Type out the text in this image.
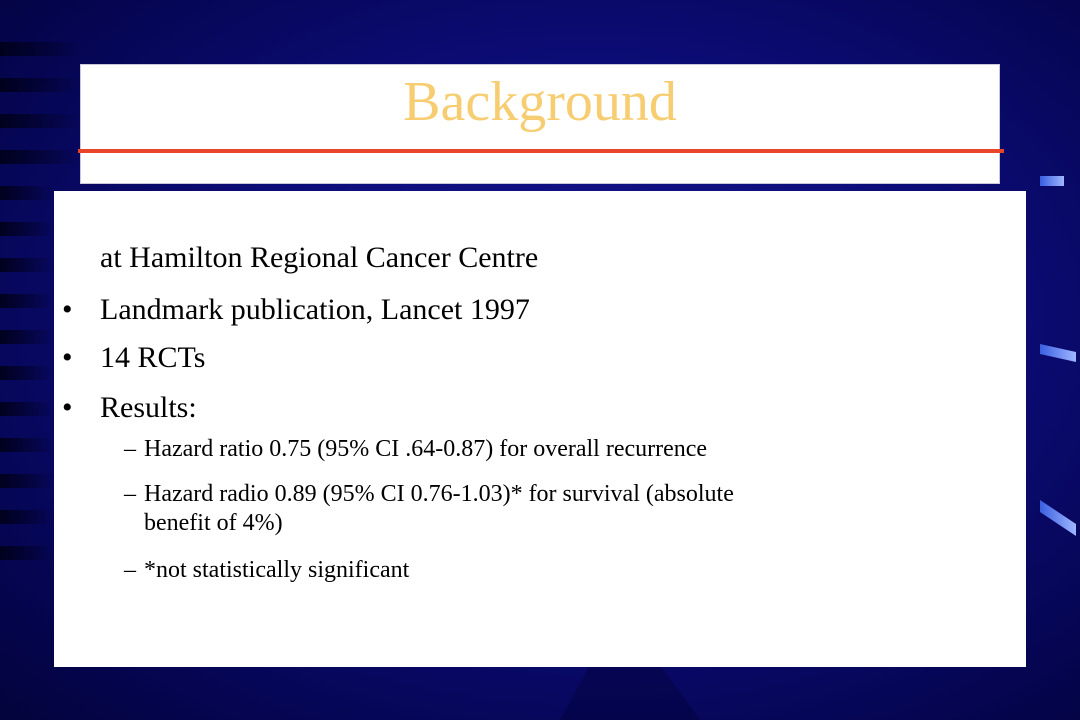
Background
at Hamilton Regional Cancer Centre
• Landmark publication, Lancet 1997
• 14 RCTs
• Results:
– Hazard ratio 0.75 (95% CI .64-0.87) for overall recurrence
– Hazard radio 0.89 (95% CI 0.76-1.03)* for survival (absolute
benefit of 4%)
– *not statistically significant
